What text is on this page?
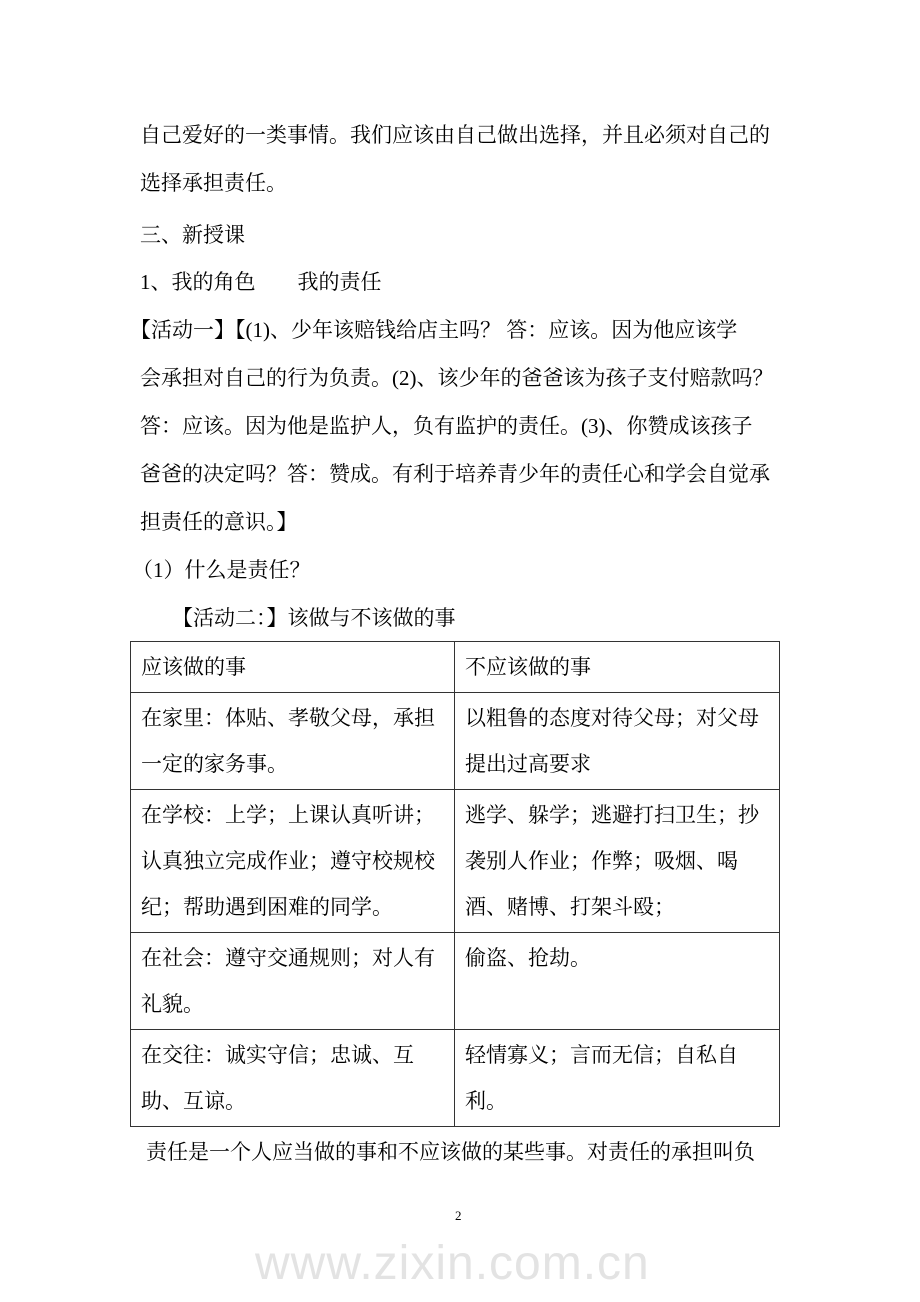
自己爱好的一类事情。我们应该由自己做出选择，并且必须对自己的
选择承担责任。
三、新授课
1、我的角色　　我的责任
【活动一】【(1)、少年该赔钱给店主吗？ 答：应该。因为他应该学
会承担对自己的行为负责。(2)、该少年的爸爸该为孩子支付赔款吗？
答：应该。因为他是监护人，负有监护的责任。(3)、你赞成该孩子
爸爸的决定吗？答：赞成。有利于培养青少年的责任心和学会自觉承
担责任的意识。】
（1）什么是责任？
【活动二：】该做与不该做的事
应该做的事	不应该做的事
在家里：体贴、孝敬父母，承担一定的家务事。	以粗鲁的态度对待父母；对父母提出过高要求
在学校：上学；上课认真听讲；认真独立完成作业；遵守校规校纪；帮助遇到困难的同学。	逃学、躲学；逃避打扫卫生；抄袭别人作业；作弊；吸烟、喝酒、赌博、打架斗殴；
在社会：遵守交通规则；对人有礼貌。	偷盗、抢劫。
在交往：诚实守信；忠诚、互助、互谅。	轻情寡义；言而无信；自私自利。
责任是一个人应当做的事和不应该做的某些事。对责任的承担叫负
2
www.zixin.com.cn
